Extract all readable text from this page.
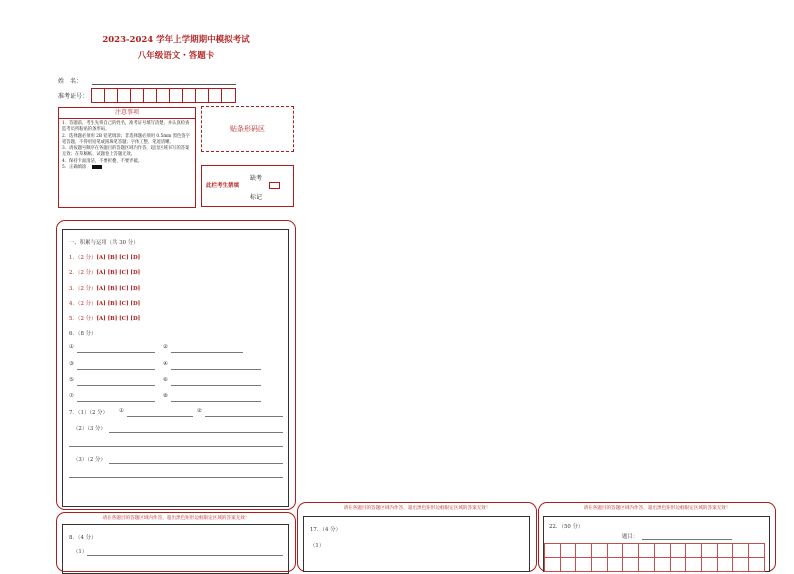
2023-2024 学年上学期期中模拟考试
八年级语文・答题卡
姓　名：
准考证号：
注意事项
1．答题前，考生先将自己的姓名，准考证号填写清楚，并认真检查监考员所粘贴的条形码。
2．选择题必须用 2B 铅笔填涂；非选择题必须用 0.5mm 黑色签字笔答题，不得用铅笔或圆珠笔答题；字体工整、笔迹清晰。
3．请按题号顺序在各题目的答题区域内作答，超出区域书写的答案无效；在草稿纸、试题卷上答题无效。
4．保持卡面清洁，不要折叠、不要弄破。
5．正确填涂
贴条形码区
此栏考生禁填
缺考
标记
一、积累与运用（共 30 分）
1．（2 分）[A] [B] [C] [D]
2．（2 分）[A] [B] [C] [D]
3．（2 分）[A] [B] [C] [D]
4．（2 分）[A] [B] [C] [D]
5．（2 分）[A] [B] [C] [D]
6．（8 分）
①	②
③	④
⑤	⑥
⑦	⑧
7．（1）（2 分） ①	②
（2）（3 分）
（3）（2 分）
请在各题目的答题区域内作答，超出黑色矩形边框限定区域的答案无效！
8．（4 分）
（1）
请在各题目的答题区域内作答，超出黑色矩形边框限定区域的答案无效！
17．（4 分）
（1）
请在各题目的答题区域内作答，超出黑色矩形边框限定区域的答案无效！
22．（50 分）
题目：
